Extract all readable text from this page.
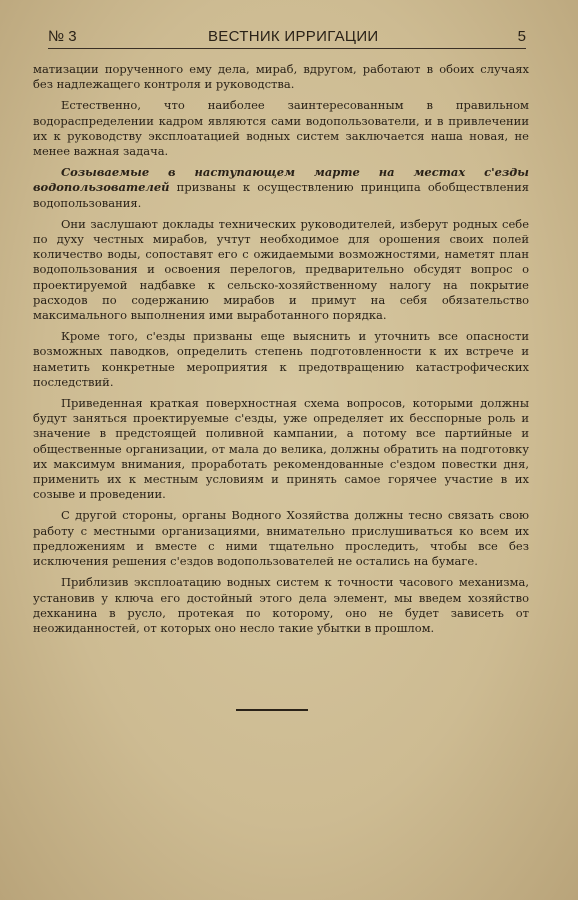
№ 3	ВЕСТНИК ИРРИГАЦИИ	5

матизации порученного ему дела, мираб, вдругом, работают в обоих случаях без надлежащего контроля и руководства.

Естественно, что наиболее заинтересованным в правильном водораспределении кадром являются сами водопользователи, и в привлечении их к руководству эксплоатацией водных систем заключается наша новая, не менее важная задача.

Созываемые в наступающем марте на местах с'езды водопользователей призваны к осуществлению принципа обобществления водопользования.

Они заслушают доклады технических руководителей, изберут родных себе по духу честных мирабов, учтут необходимое для орошения своих полей количество воды, сопоставят его с ожидаемыми возможностями, наметят план водопользования и освоения перелогов, предварительно обсудят вопрос о проектируемой надбавке к сельско-хозяйственному налогу на покрытие расходов по содержанию мирабов и примут на себя обязательство максимального выполнения ими выработанного порядка.

Кроме того, с'езды призваны еще выяснить и уточнить все опасности возможных паводков, определить степень подготовленности к их встрече и наметить конкретные мероприятия к предотвращению катастрофических последствий.

Приведенная краткая поверхностная схема вопросов, которыми должны будут заняться проектируемые с'езды, уже определяет их бесспорные роль и значение в предстоящей поливной кампании, а потому все партийные и общественные организации, от мала до велика, должны обратить на подготовку их максимум внимания, проработать рекомендованные с'ездом повестки дня, применить их к местным условиям и принять самое горячее участие в их созыве и проведении.

С другой стороны, органы Водного Хозяйства должны тесно связать свою работу с местными организациями, внимательно прислушиваться ко всем их предложениям и вместе с ними тщательно проследить, чтобы все без исключения решения с'ездов водопользователей не остались на бумаге.

Приблизив эксплоатацию водных систем к точности часового механизма, установив у ключа его достойный этого дела элемент, мы введем хозяйство дехканина в русло, протекая по которому, оно не будет зависеть от неожиданностей, от которых оно несло такие убытки в прошлом.
